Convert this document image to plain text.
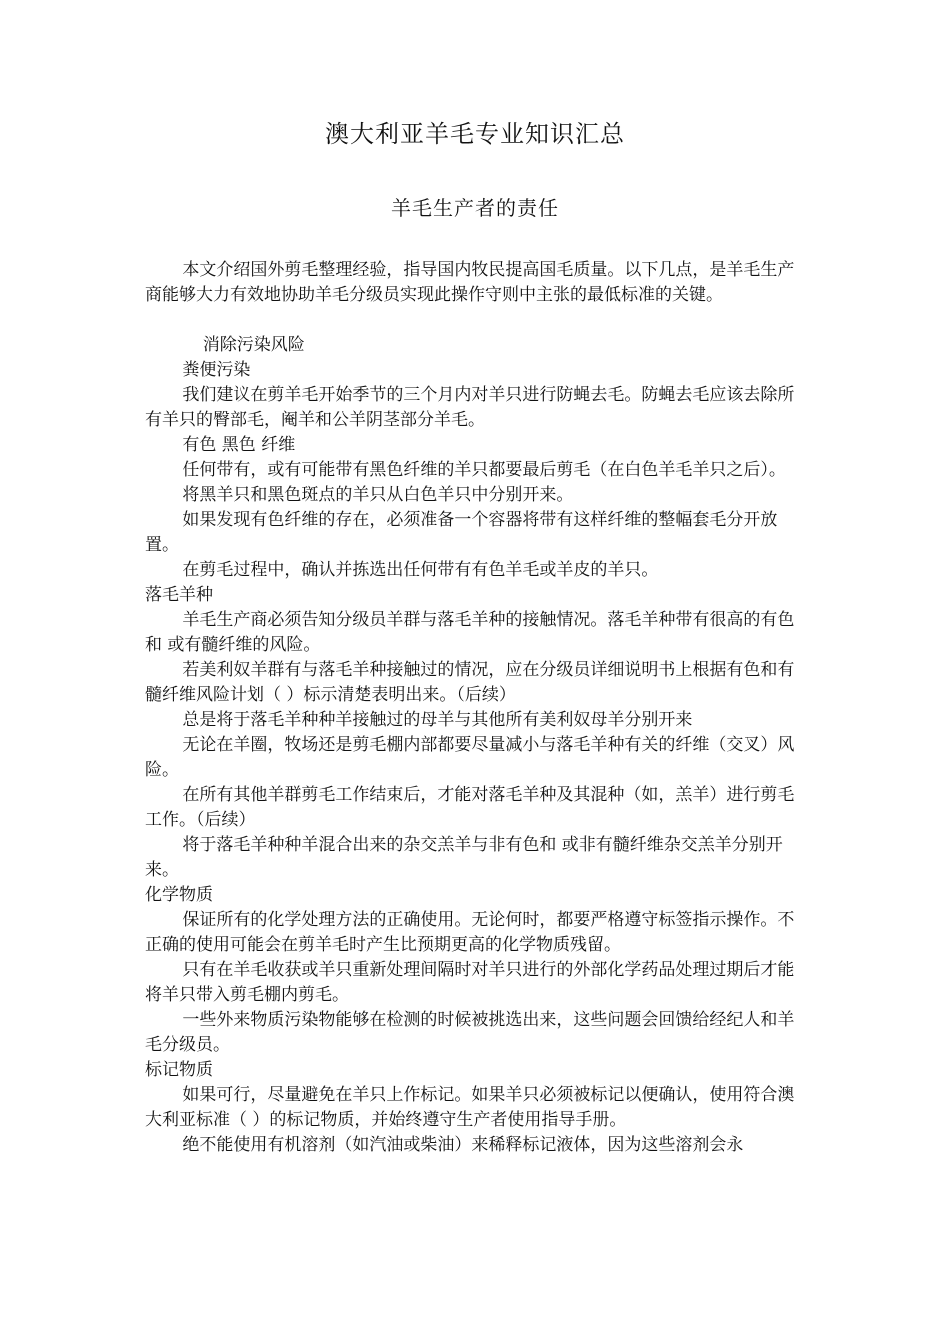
澳大利亚羊毛专业知识汇总
羊毛生产者的责任

本文介绍国外剪毛整理经验，指导国内牧民提高国毛质量。以下几点，是羊毛生产商能够大力有效地协助羊毛分级员实现此操作守则中主张的最低标准的关键。

消除污染风险

粪便污染

我们建议在剪羊毛开始季节的三个月内对羊只进行防蝇去毛。防蝇去毛应该去除所有羊只的臀部毛，阉羊和公羊阴茎部分羊毛。

有色 黑色 纤维

任何带有，或有可能带有黑色纤维的羊只都要最后剪毛（在白色羊毛羊只之后）。

将黑羊只和黑色斑点的羊只从白色羊只中分别开来。

如果发现有色纤维的存在，必须准备一个容器将带有这样纤维的整幅套毛分开放置。

在剪毛过程中，确认并拣选出任何带有有色羊毛或羊皮的羊只。

落毛羊种

羊毛生产商必须告知分级员羊群与落毛羊种的接触情况。落毛羊种带有很高的有色和 或有髓纤维的风险。

若美利奴羊群有与落毛羊种接触过的情况，应在分级员详细说明书上根据有色和有髓纤维风险计划（ ）标示清楚表明出来。（后续）

总是将于落毛羊种种羊接触过的母羊与其他所有美利奴母羊分别开来

无论在羊圈，牧场还是剪毛棚内部都要尽量减小与落毛羊种有关的纤维（交叉）风险。

在所有其他羊群剪毛工作结束后，才能对落毛羊种及其混种（如，羔羊）进行剪毛工作。（后续）

将于落毛羊种种羊混合出来的杂交羔羊与非有色和 或非有髓纤维杂交羔羊分别开来。

化学物质

保证所有的化学处理方法的正确使用。无论何时，都要严格遵守标签指示操作。不正确的使用可能会在剪羊毛时产生比预期更高的化学物质残留。

只有在羊毛收获或羊只重新处理间隔时对羊只进行的外部化学药品处理过期后才能将羊只带入剪毛棚内剪毛。

一些外来物质污染物能够在检测的时候被挑选出来，这些问题会回馈给经纪人和羊毛分级员。

标记物质

如果可行，尽量避免在羊只上作标记。如果羊只必须被标记以便确认，使用符合澳大利亚标准（ ）的标记物质，并始终遵守生产者使用指导手册。

绝不能使用有机溶剂（如汽油或柴油）来稀释标记液体，因为这些溶剂会永
